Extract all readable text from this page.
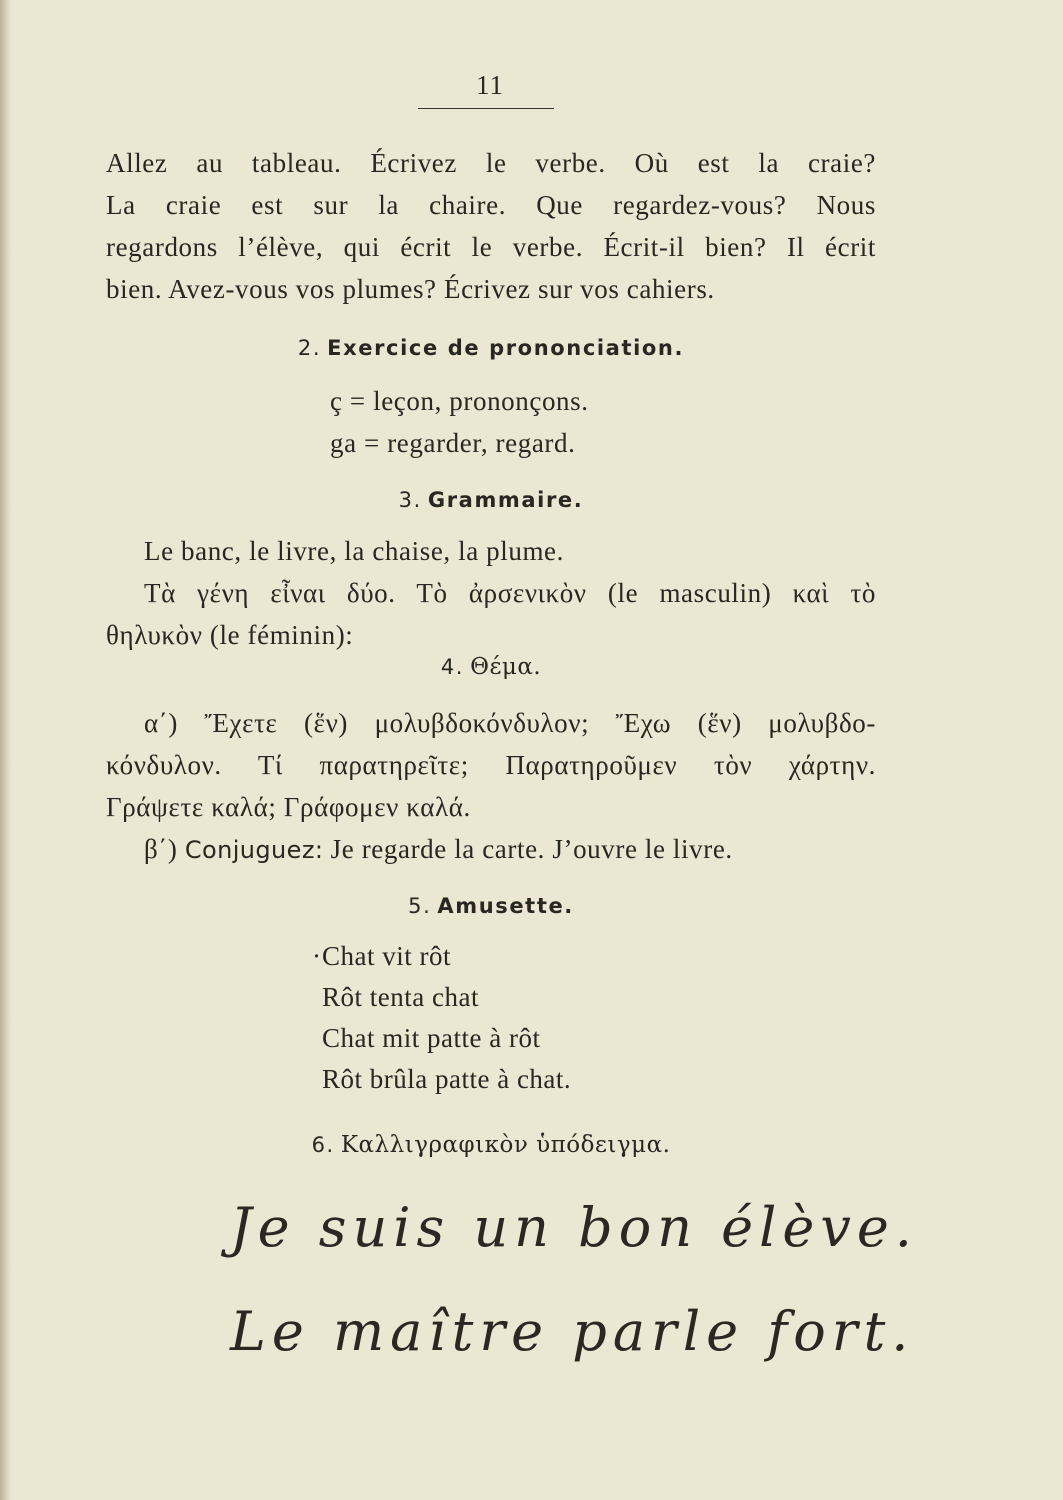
11
Allez au tableau. Écrivez le verbe. Où est la craie?
La craie est sur la chaire. Que regardez-vous? Nous
regardons l’élève, qui écrit le verbe. Écrit-il bien? Il écrit
bien. Avez-vous vos plumes? Écrivez sur vos cahiers.
2. Exercice de prononciation.
ç = leçon, prononçons.
ga = regarder, regard.
3. Grammaire.
Le banc, le livre, la chaise, la plume.
Τὰ γένη εἶναι δύο. Τὸ ἀρσενικὸν (le masculin) καὶ τὸ
θηλυκὸν (le féminin):
4. Θέμα.
α΄) Ἔχετε (ἕν) μολυβδοκόνδυλον; Ἔχω (ἕν) μολυβδο-
κόνδυλον. Τί παρατηρεῖτε; Παρατηροῦμεν τὸν χάρτην.
Γράψετε καλά; Γράφομεν καλά.
β΄) Conjuguez: Je regarde la carte. J’ouvre le livre.
5. Amusette.
· Chat vit rôt
Rôt tenta chat
Chat mit patte à rôt
Rôt brûla patte à chat.
6. Καλλιγραφικὸν ὑπόδειγμα.
Je suis un bon élève.
Le maître parle fort.
